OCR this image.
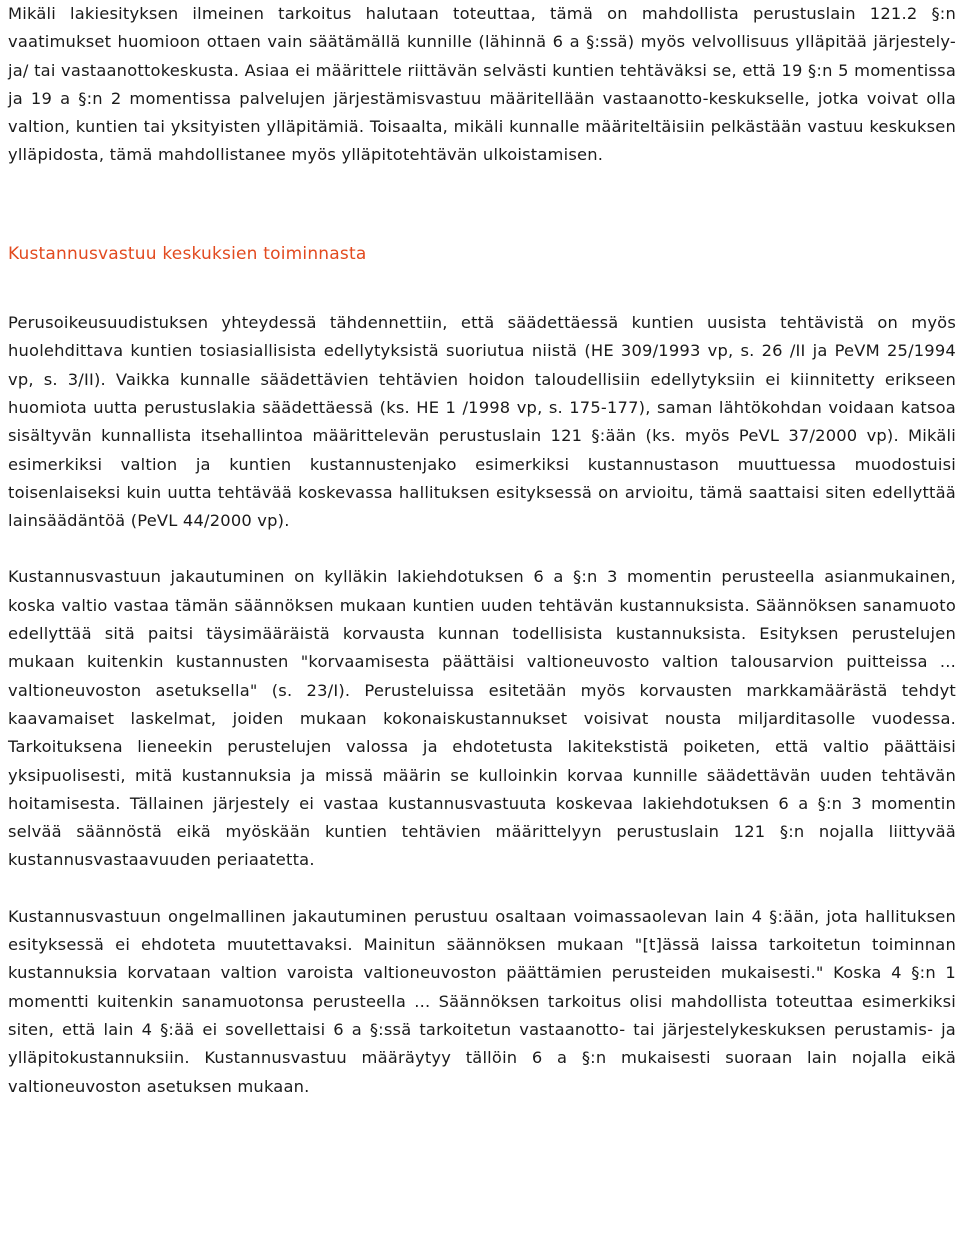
Mikäli lakiesityksen ilmeinen tarkoitus halutaan toteuttaa, tämä on mahdollista perustuslain 121.2 §:n vaatimukset huomioon ottaen vain säätämällä kunnille (lähinnä 6 a §:ssä) myös velvollisuus ylläpitää järjestely- ja/ tai vastaanottokeskusta. Asiaa ei määrittele riittävän selvästi kuntien tehtäväksi se, että 19 §:n 5 momentissa ja 19 a §:n 2 momentissa palvelujen järjestämisvastuu määritellään vastaanotto-keskukselle, jotka voivat olla valtion, kuntien tai yksityisten ylläpitämiä. Toisaalta, mikäli kunnalle määriteltäisiin pelkästään vastuu keskuksen ylläpidosta, tämä mahdollistanee myös ylläpitotehtävän ulkoistamisen.

Kustannusvastuu keskuksien toiminnasta

Perusoikeusuudistuksen yhteydessä tähdennettiin, että säädettäessä kuntien uusista tehtävistä on myös huolehdittava kuntien tosiasiallisista edellytyksistä suoriutua niistä (HE 309/1993 vp, s. 26 /II ja PeVM 25/1994 vp, s. 3/II). Vaikka kunnalle säädettävien tehtävien hoidon taloudellisiin edellytyksiin ei kiinnitetty erikseen huomiota uutta perustuslakia säädettäessä (ks. HE 1 /1998 vp, s. 175-177), saman lähtökohdan voidaan katsoa sisältyvän kunnallista itsehallintoa määrittelevän perustuslain 121 §:ään (ks. myös PeVL 37/2000 vp). Mikäli esimerkiksi valtion ja kuntien kustannustenjako esimerkiksi kustannustason muuttuessa muodostuisi toisenlaiseksi kuin uutta tehtävää koskevassa hallituksen esityksessä on arvioitu, tämä saattaisi siten edellyttää lainsäädäntöä (PeVL 44/2000 vp).

Kustannusvastuun jakautuminen on kylläkin lakiehdotuksen 6 a §:n 3 momentin perusteella asianmukainen, koska valtio vastaa tämän säännöksen mukaan kuntien uuden tehtävän kustannuksista. Säännöksen sanamuoto edellyttää sitä paitsi täysimääräistä korvausta kunnan todellisista kustannuksista. Esityksen perustelujen mukaan kuitenkin kustannusten "korvaamisesta päättäisi valtioneuvosto valtion talousarvion puitteissa ... valtioneuvoston asetuksella" (s. 23/I). Perusteluissa esitetään myös korvausten markkamäärästä tehdyt kaavamaiset laskelmat, joiden mukaan kokonaiskustannukset voisivat nousta miljarditasolle vuodessa. Tarkoituksena lieneekin perustelujen valossa ja ehdotetusta lakitekstistä poiketen, että valtio päättäisi yksipuolisesti, mitä kustannuksia ja missä määrin se kulloinkin korvaa kunnille säädettävän uuden tehtävän hoitamisesta. Tällainen järjestely ei vastaa kustannusvastuuta koskevaa lakiehdotuksen 6 a §:n 3 momentin selvää säännöstä eikä myöskään kuntien tehtävien määrittelyyn perustuslain 121 §:n nojalla liittyvää kustannusvastaavuuden periaatetta.

Kustannusvastuun ongelmallinen jakautuminen perustuu osaltaan voimassaolevan lain 4 §:ään, jota hallituksen esityksessä ei ehdoteta muutettavaksi. Mainitun säännöksen mukaan "[t]ässä laissa tarkoitetun toiminnan kustannuksia korvataan valtion varoista valtioneuvoston päättämien perusteiden mukaisesti." Koska 4 §:n 1 momentti kuitenkin sanamuotonsa perusteella ... Säännöksen tarkoitus olisi mahdollista toteuttaa esimerkiksi siten, että lain 4 §:ää ei sovellettaisi 6 a §:ssä tarkoitetun vastaanotto- tai järjestelykeskuksen perustamis- ja ylläpitokustannuksiin. Kustannusvastuu määräytyy tällöin 6 a §:n mukaisesti suoraan lain nojalla eikä valtioneuvoston asetuksen mukaan.
